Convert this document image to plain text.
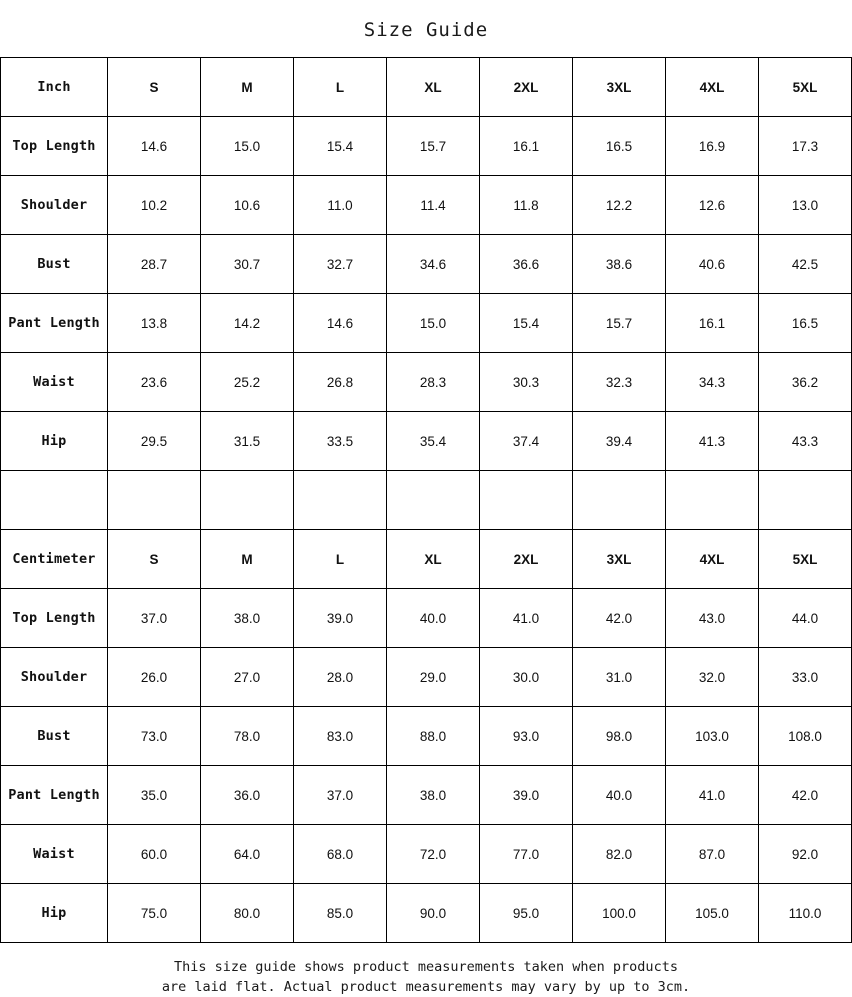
Size Guide
Inch	S	M	L	XL	2XL	3XL	4XL	5XL
Top Length	14.6	15.0	15.4	15.7	16.1	16.5	16.9	17.3
Shoulder	10.2	10.6	11.0	11.4	11.8	12.2	12.6	13.0
Bust	28.7	30.7	32.7	34.6	36.6	38.6	40.6	42.5
Pant Length	13.8	14.2	14.6	15.0	15.4	15.7	16.1	16.5
Waist	23.6	25.2	26.8	28.3	30.3	32.3	34.3	36.2
Hip	29.5	31.5	33.5	35.4	37.4	39.4	41.3	43.3

Centimeter	S	M	L	XL	2XL	3XL	4XL	5XL
Top Length	37.0	38.0	39.0	40.0	41.0	42.0	43.0	44.0
Shoulder	26.0	27.0	28.0	29.0	30.0	31.0	32.0	33.0
Bust	73.0	78.0	83.0	88.0	93.0	98.0	103.0	108.0
Pant Length	35.0	36.0	37.0	38.0	39.0	40.0	41.0	42.0
Waist	60.0	64.0	68.0	72.0	77.0	82.0	87.0	92.0
Hip	75.0	80.0	85.0	90.0	95.0	100.0	105.0	110.0
This size guide shows product measurements taken when products
are laid flat. Actual product measurements may vary by up to 3cm.
